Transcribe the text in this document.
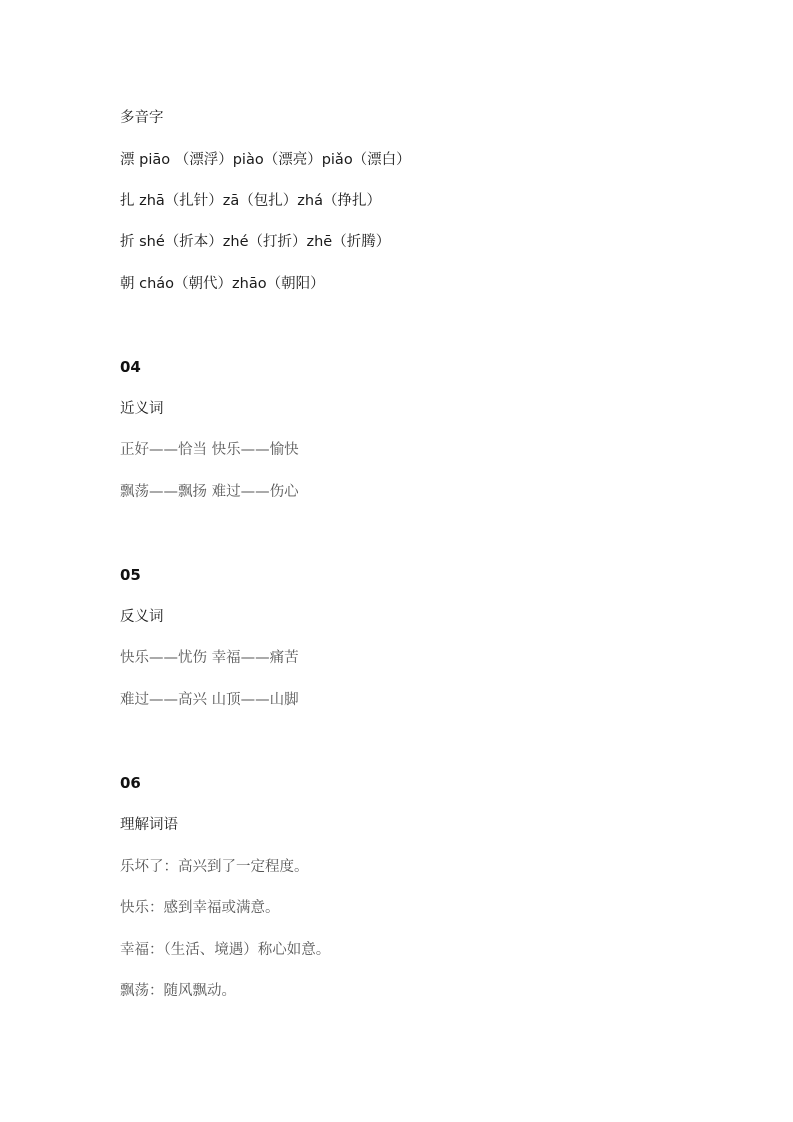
多音字
漂 piāo （漂浮）piào（漂亮）piǎo（漂白）
扎 zhā（扎针）zā（包扎）zhá（挣扎）
折 shé（折本）zhé（打折）zhē（折腾）
朝 cháo（朝代）zhāo（朝阳）
04
近义词
正好——恰当 快乐——愉快
飘荡——飘扬 难过——伤心
05
反义词
快乐——忧伤 幸福——痛苦
难过——高兴 山顶——山脚
06
理解词语
乐坏了：高兴到了一定程度。
快乐：感到幸福或满意。
幸福：（生活、境遇）称心如意。
飘荡：随风飘动。
